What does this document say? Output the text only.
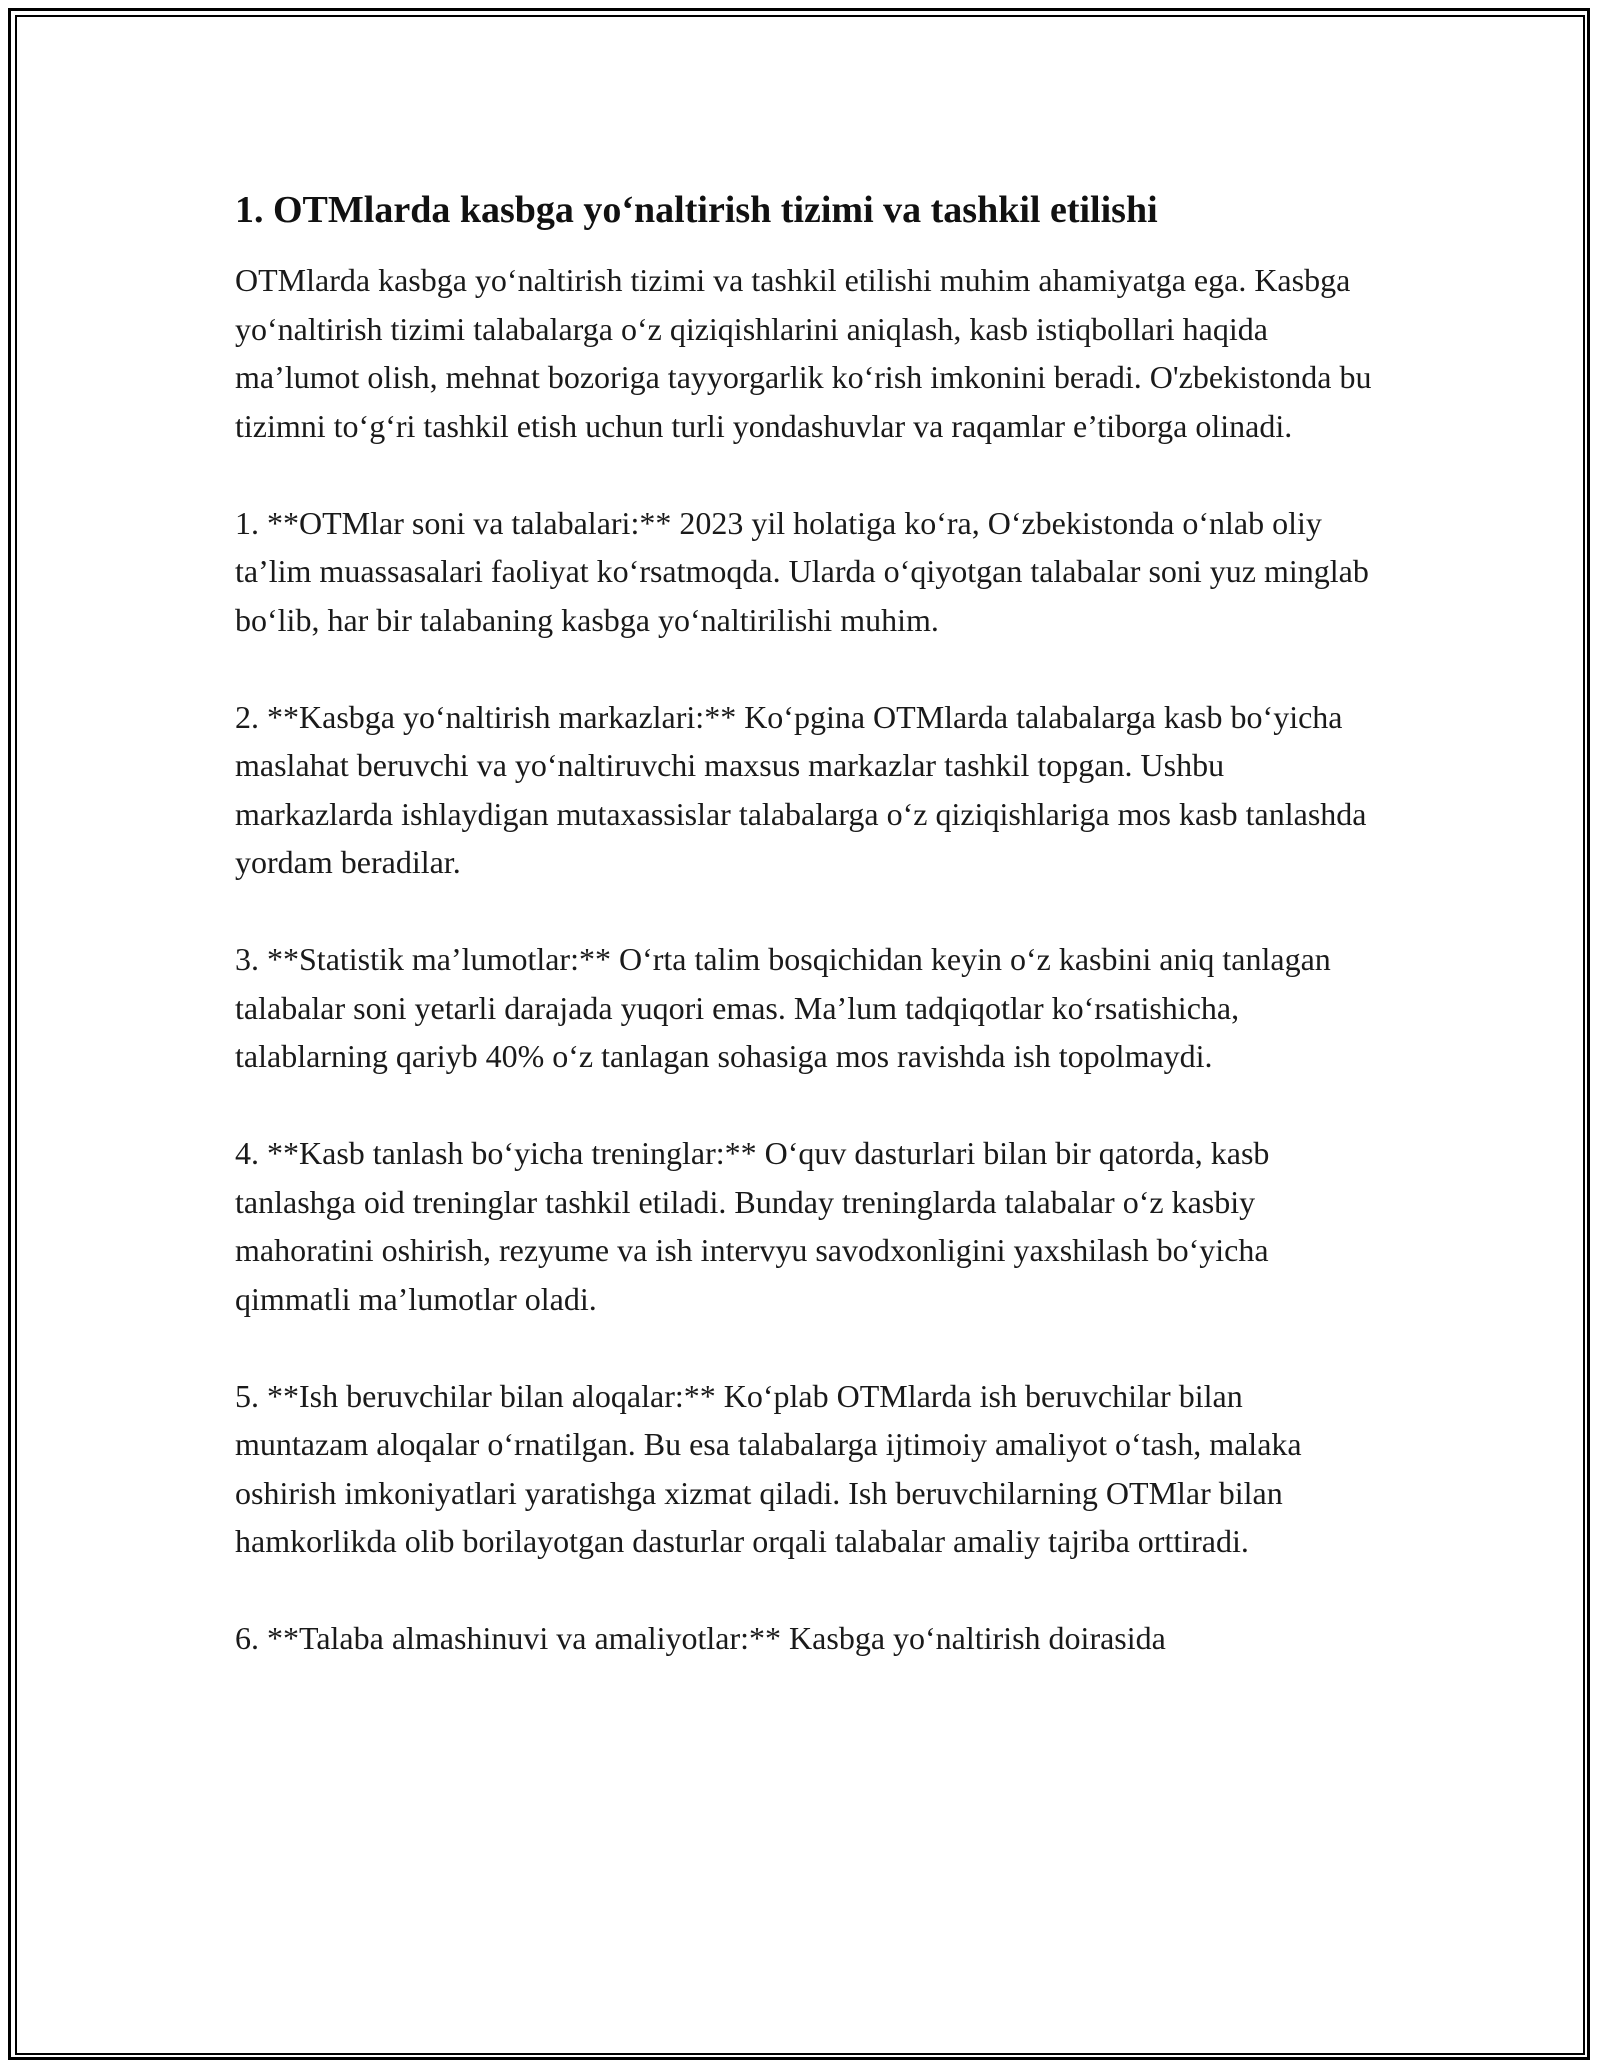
1. OTMlarda kasbga yo‘naltirish tizimi va tashkil etilishi

OTMlarda kasbga yo‘naltirish tizimi va tashkil etilishi muhim ahamiyatga ega. Kasbga yo‘naltirish tizimi talabalarga o‘z qiziqishlarini aniqlash, kasb istiqbollari haqida ma’lumot olish, mehnat bozoriga tayyorgarlik ko‘rish imkonini beradi. O'zbekistonda bu tizimni to‘g‘ri tashkil etish uchun turli yondashuvlar va raqamlar e’tiborga olinadi.

1. **OTMlar soni va talabalari:** 2023 yil holatiga ko‘ra, O‘zbekistonda o‘nlab oliy ta’lim muassasalari faoliyat ko‘rsatmoqda. Ularda o‘qiyotgan talabalar soni yuz minglab bo‘lib, har bir talabaning kasbga yo‘naltirilishi muhim.

2. **Kasbga yo‘naltirish markazlari:** Ko‘pgina OTMlarda talabalarga kasb bo‘yicha maslahat beruvchi va yo‘naltiruvchi maxsus markazlar tashkil topgan. Ushbu markazlarda ishlaydigan mutaxassislar talabalarga o‘z qiziqishlariga mos kasb tanlashda yordam beradilar.

3. **Statistik ma’lumotlar:** O‘rta talim bosqichidan keyin o‘z kasbini aniq tanlagan talabalar soni yetarli darajada yuqori emas. Ma’lum tadqiqotlar ko‘rsatishicha, talablarning qariyb 40% o‘z tanlagan sohasiga mos ravishda ish topolmaydi.

4. **Kasb tanlash bo‘yicha treninglar:** O‘quv dasturlari bilan bir qatorda, kasb tanlashga oid treninglar tashkil etiladi. Bunday treninglarda talabalar o‘z kasbiy mahoratini oshirish, rezyume va ish intervyu savodxonligini yaxshilash bo‘yicha qimmatli ma’lumotlar oladi.

5. **Ish beruvchilar bilan aloqalar:** Ko‘plab OTMlarda ish beruvchilar bilan muntazam aloqalar o‘rnatilgan. Bu esa talabalarga ijtimoiy amaliyot o‘tash, malaka oshirish imkoniyatlari yaratishga xizmat qiladi. Ish beruvchilarning OTMlar bilan hamkorlikda olib borilayotgan dasturlar orqali talabalar amaliy tajriba orttiradi.

6. **Talaba almashinuvi va amaliyotlar:** Kasbga yo‘naltirish doirasida
